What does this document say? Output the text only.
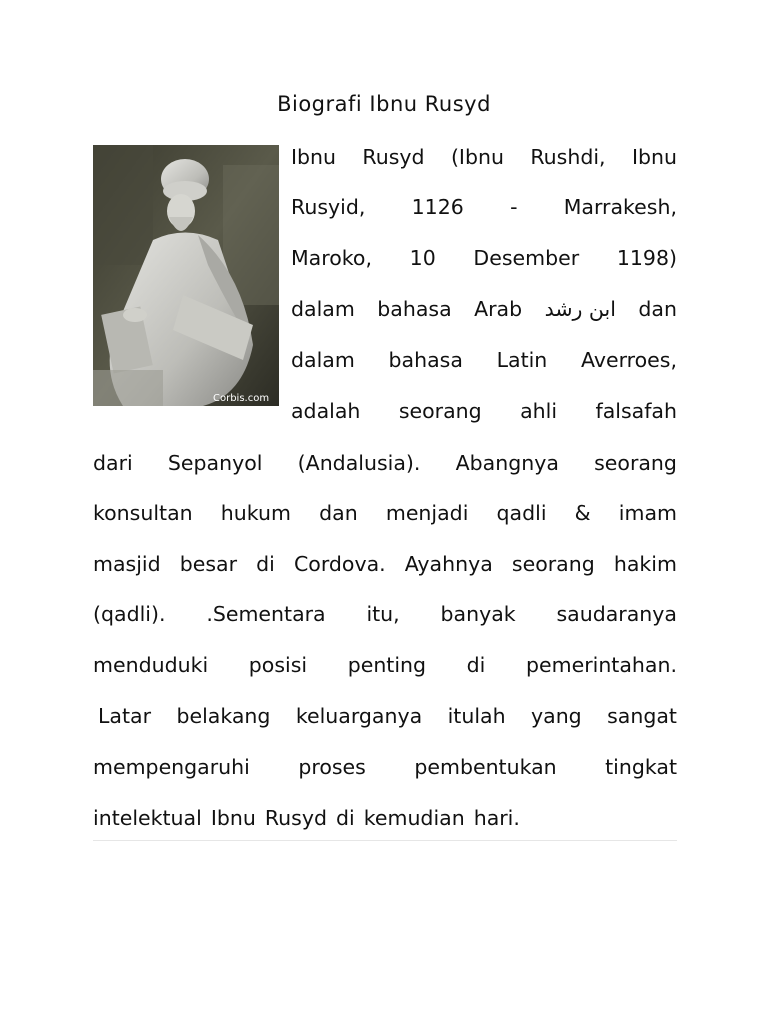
Biografi Ibnu Rusyd
Corbis.com
Ibnu Rusyd (Ibnu Rushdi, Ibnu
Rusyid, 1126 - Marrakesh,
Maroko, 10 Desember 1198)
dalam bahasa Arab ابن رشد dan
dalam bahasa Latin Averroes,
adalah seorang ahli falsafah
dari Sepanyol (Andalusia). Abangnya seorang
konsultan hukum dan menjadi qadli & imam
masjid besar di Cordova. Ayahnya seorang hakim
(qadli). .Sementara itu, banyak saudaranya
menduduki posisi penting di pemerintahan.
Latar belakang keluarganya itulah yang sangat
mempengaruhi proses pembentukan tingkat
intelektual Ibnu Rusyd di kemudian hari.
